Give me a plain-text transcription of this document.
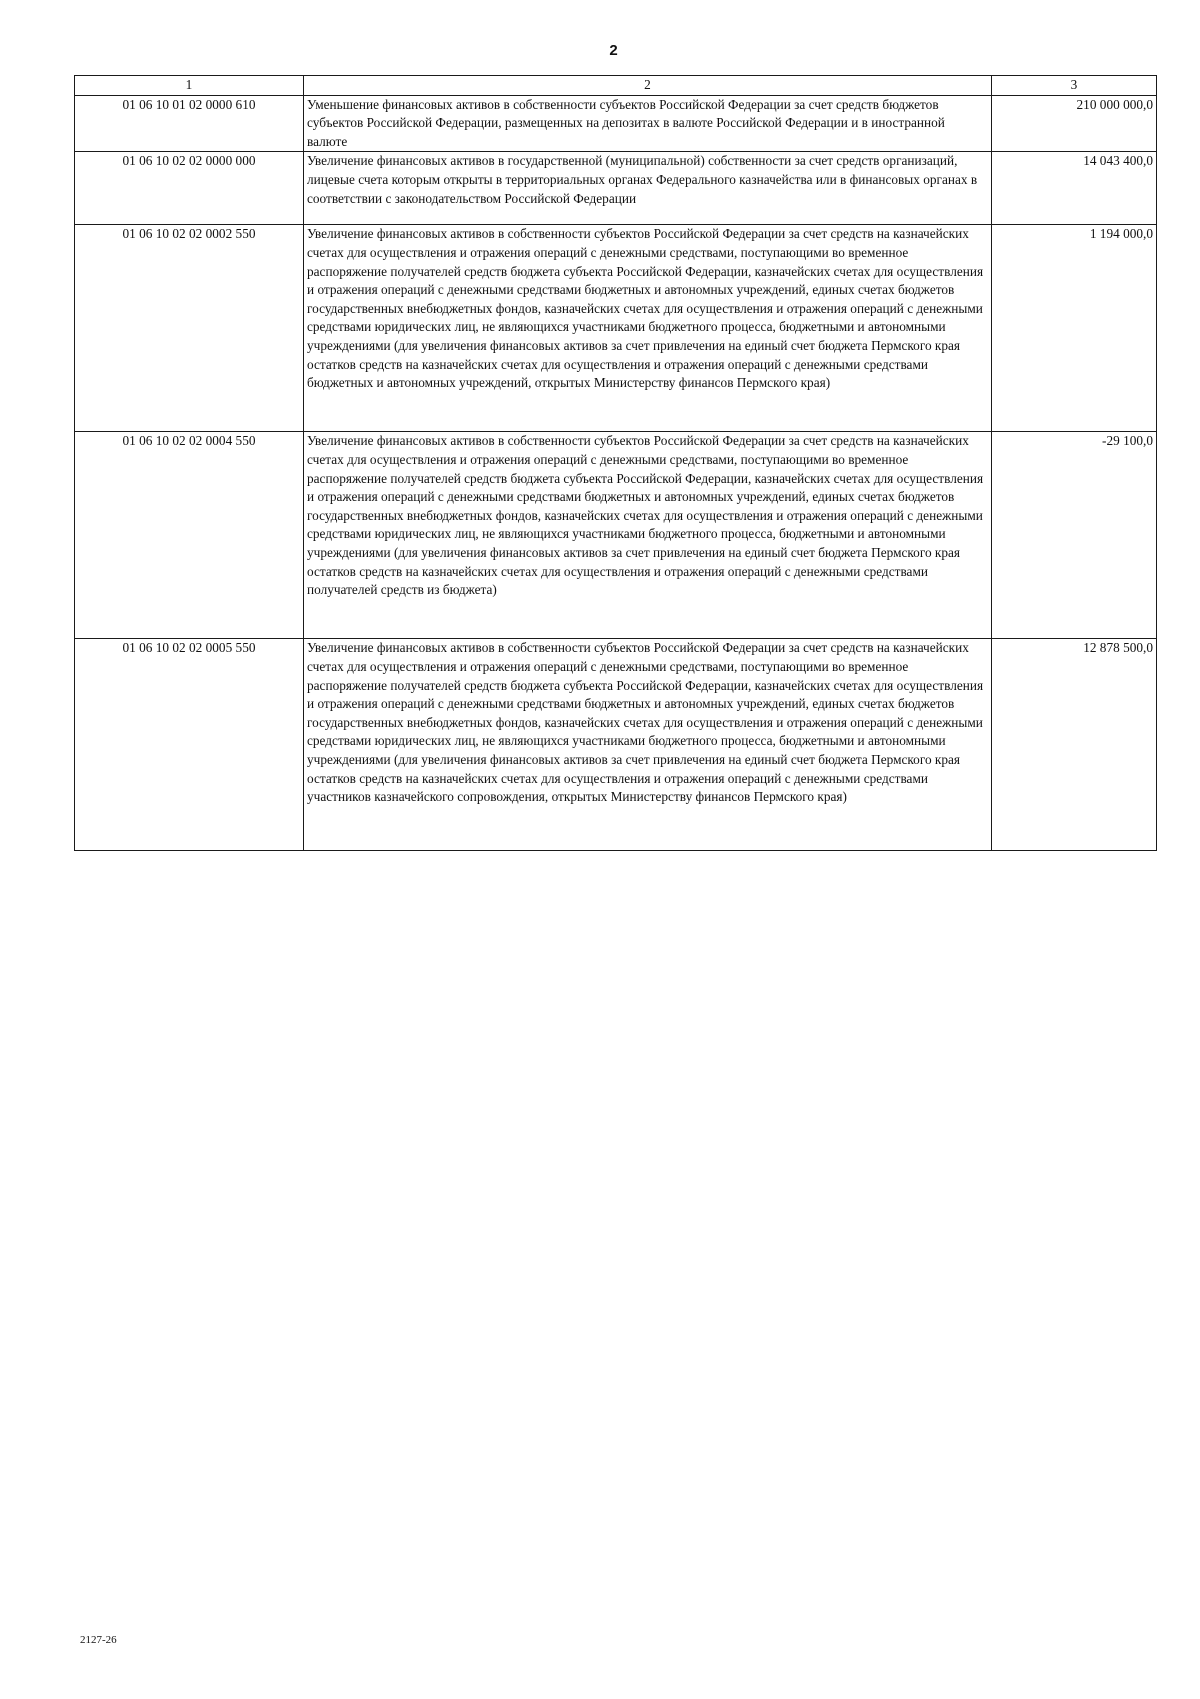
2
1	2	3
01 06 10 01 02 0000 610	Уменьшение финансовых активов в собственности субъектов Российской Федерации за счет средств бюджетов субъектов Российской Федерации, размещенных на депозитах в валюте Российской Федерации и в иностранной валюте	210 000 000,0
01 06 10 02 02 0000 000	Увеличение финансовых активов в государственной (муниципальной) собственности за счет средств организаций, лицевые счета которым открыты в территориальных органах Федерального казначейства или в финансовых органах в соответствии с законодательством Российской Федерации	14 043 400,0
01 06 10 02 02 0002 550	Увеличение финансовых активов в собственности субъектов Российской Федерации за счет средств на казначейских счетах для осуществления и отражения операций с денежными средствами, поступающими во временное распоряжение получателей средств бюджета субъекта Российской Федерации, казначейских счетах для осуществления и отражения операций с денежными средствами бюджетных и автономных учреждений, единых счетах бюджетов государственных внебюджетных фондов, казначейских счетах для осуществления и отражения операций с денежными средствами юридических лиц, не являющихся участниками бюджетного процесса, бюджетными и автономными учреждениями (для увеличения финансовых активов за счет привлечения на единый счет бюджета Пермского края остатков средств на казначейских счетах для осуществления и отражения операций с денежными средствами бюджетных и автономных учреждений, открытых Министерству финансов Пермского края)	1 194 000,0
01 06 10 02 02 0004 550	Увеличение финансовых активов в собственности субъектов Российской Федерации за счет средств на казначейских счетах для осуществления и отражения операций с денежными средствами, поступающими во временное распоряжение получателей средств бюджета субъекта Российской Федерации, казначейских счетах для осуществления и отражения операций с денежными средствами бюджетных и автономных учреждений, единых счетах бюджетов государственных внебюджетных фондов, казначейских счетах для осуществления и отражения операций с денежными средствами юридических лиц, не являющихся участниками бюджетного процесса, бюджетными и автономными учреждениями (для увеличения финансовых активов за счет привлечения на единый счет бюджета Пермского края остатков средств на казначейских счетах для осуществления и отражения операций с денежными средствами получателей средств из бюджета)	-29 100,0
01 06 10 02 02 0005 550	Увеличение финансовых активов в собственности субъектов Российской Федерации за счет средств на казначейских счетах для осуществления и отражения операций с денежными средствами, поступающими во временное распоряжение получателей средств бюджета субъекта Российской Федерации, казначейских счетах для осуществления и отражения операций с денежными средствами бюджетных и автономных учреждений, единых счетах бюджетов государственных внебюджетных фондов, казначейских счетах для осуществления и отражения операций с денежными средствами юридических лиц, не являющихся участниками бюджетного процесса, бюджетными и автономными учреждениями (для увеличения финансовых активов за счет привлечения на единый счет бюджета Пермского края остатков средств на казначейских счетах для осуществления и отражения операций с денежными средствами участников казначейского сопровождения, открытых Министерству финансов Пермского края)	12 878 500,0
2127-26
